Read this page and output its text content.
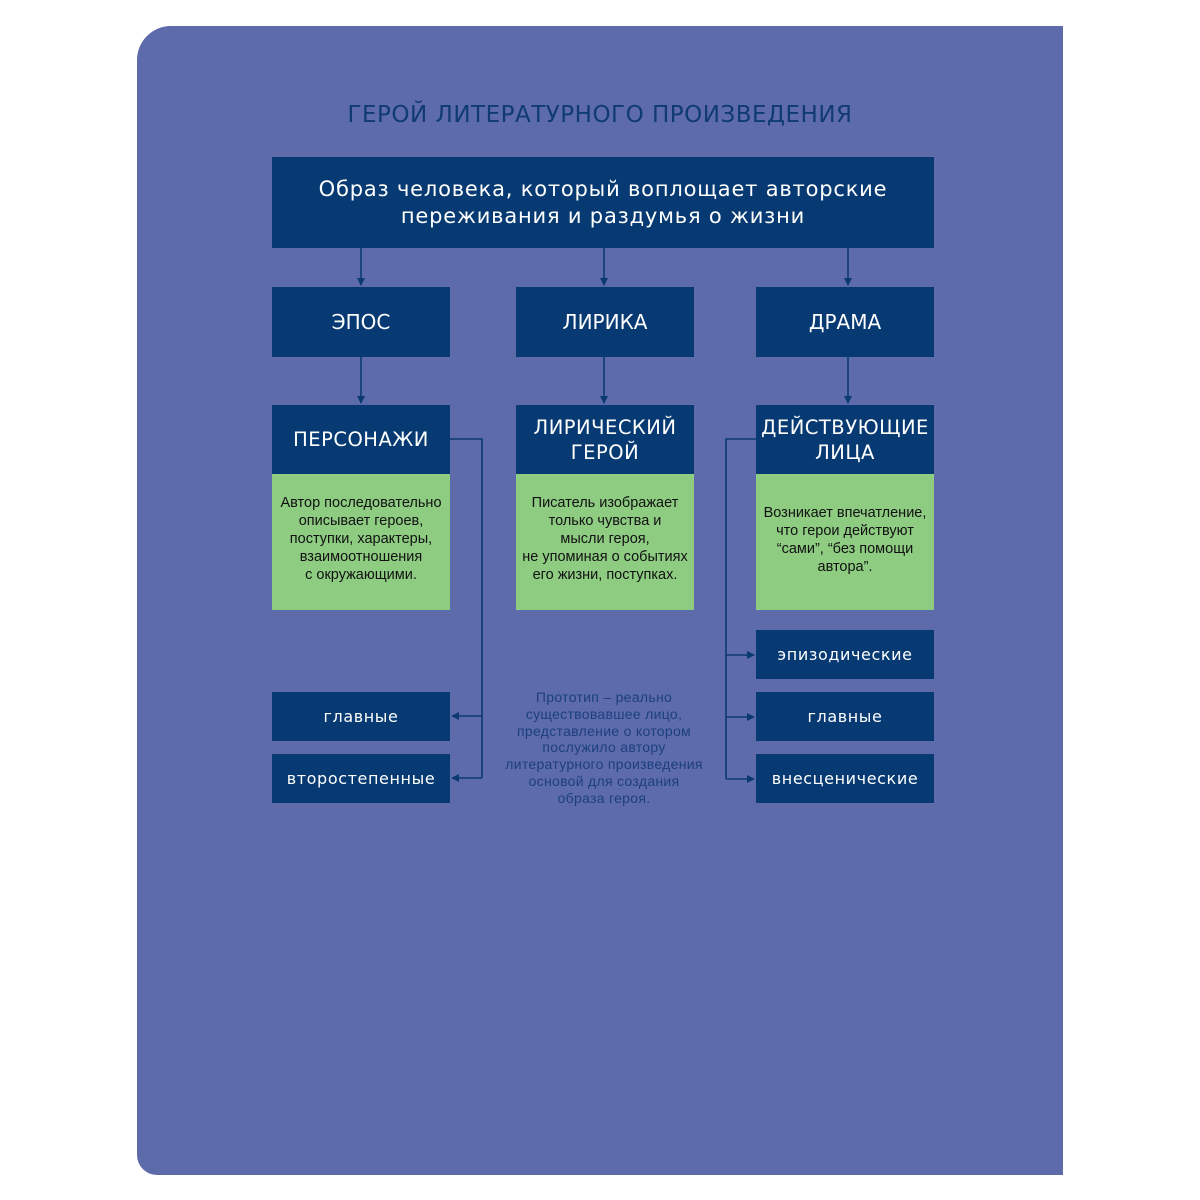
ГЕРОЙ ЛИТЕРАТУРНОГО ПРОИЗВЕДЕНИЯ
Образ человека, который воплощает авторские переживания и раздумья о жизни
ЭПОС	ЛИРИКА	ДРАМА
ПЕРСОНАЖИ
ЛИРИЧЕСКИЙ
ГЕРОЙ
ДЕЙСТВУЮЩИЕ
ЛИЦА
Автор последовательно
описывает героев,
поступки, характеры,
взаимоотношения
с окружающими.
Писатель изображает
только чувства и
мысли героя,
не упоминая о событиях
его жизни, поступках.
Возникает впечатление,
что герои действуют
“сами”, “без помощи
автора”.
главные
второстепенные
эпизодические
главные
внесценические
Прототип – реально
существовавшее лицо,
представление о котором
послужило автору
литературного произведения
основой для создания
образа героя.
